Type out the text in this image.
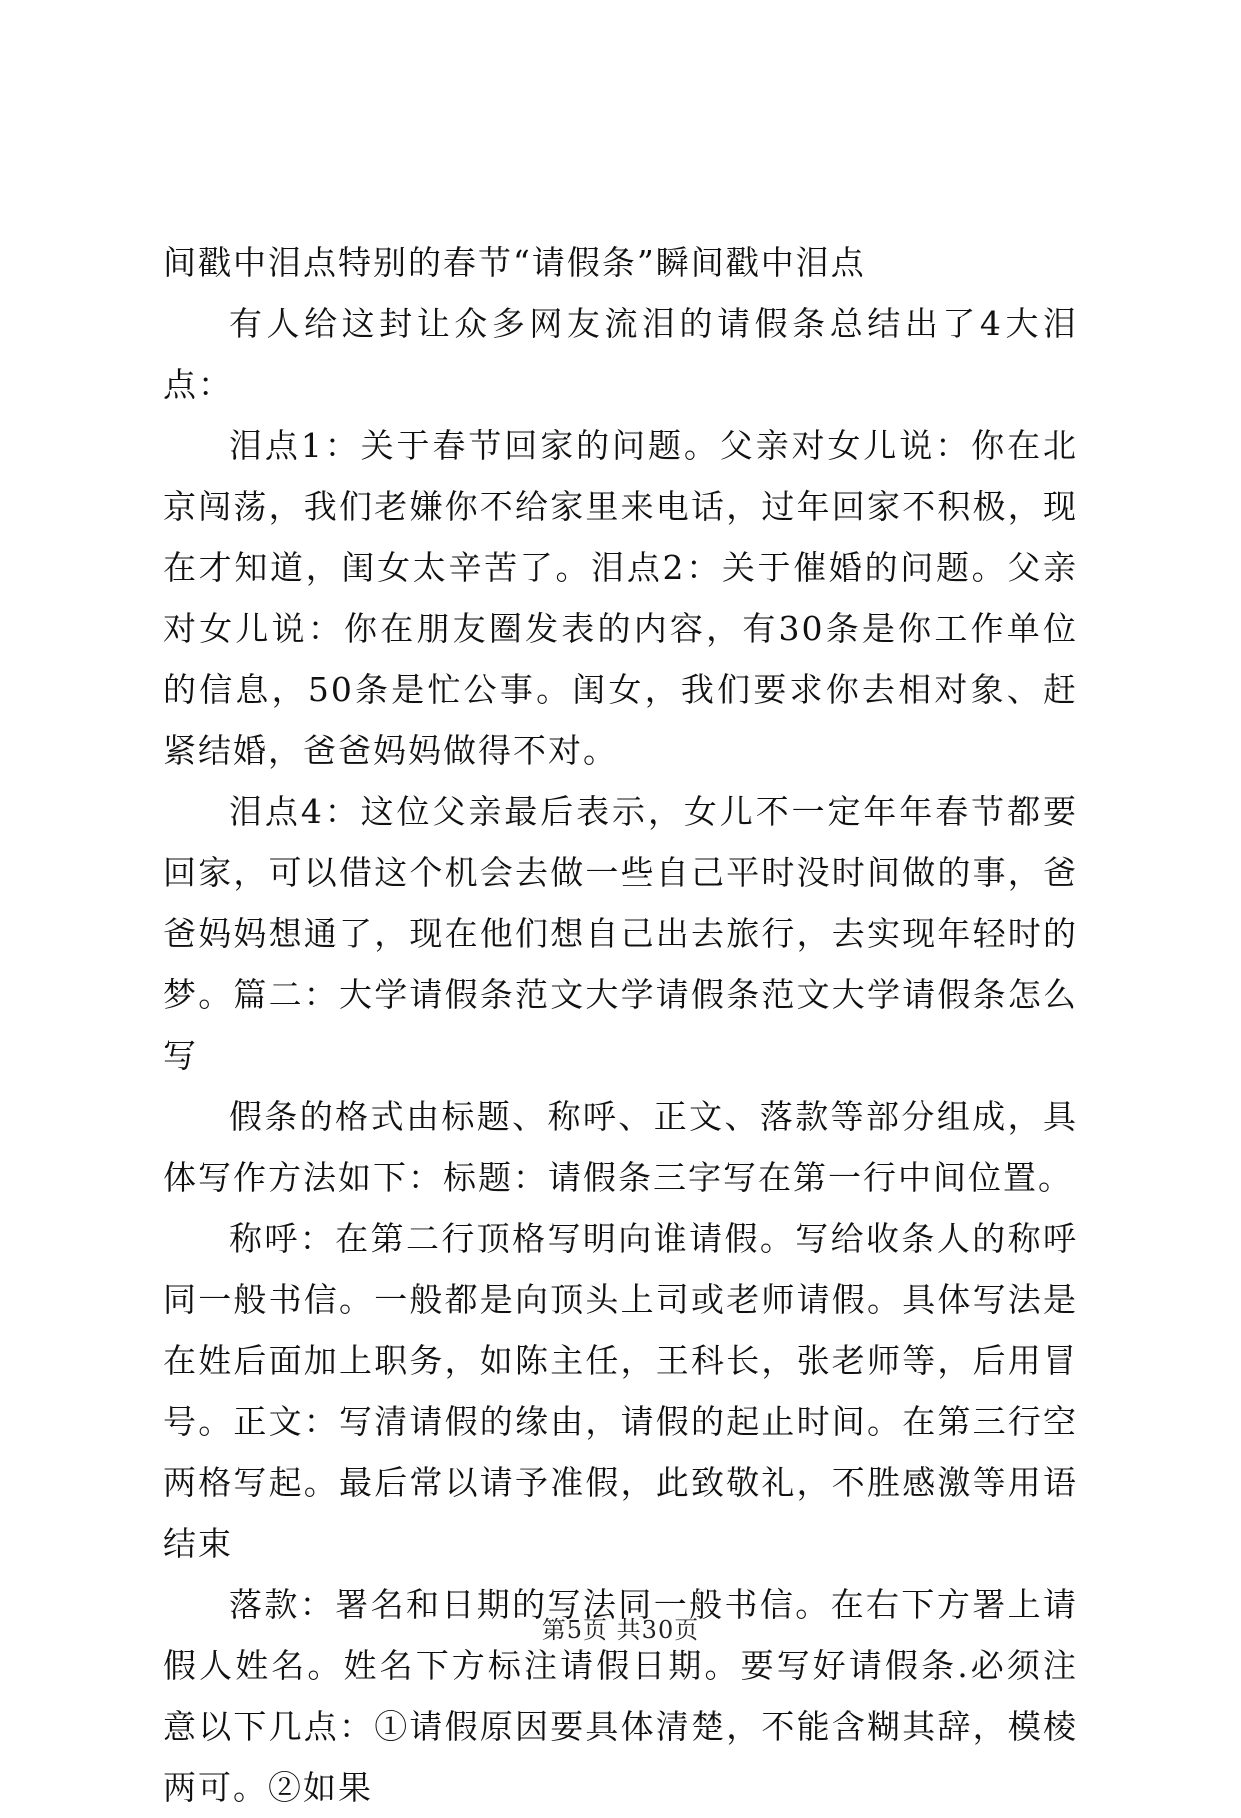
间戳中泪点特别的春节“请假条”瞬间戳中泪点

有人给这封让众多网友流泪的请假条总结出了4大泪点：

泪点1：关于春节回家的问题。父亲对女儿说：你在北京闯荡，我们老嫌你不给家里来电话，过年回家不积极，现在才知道，闺女太辛苦了。泪点2：关于催婚的问题。父亲对女儿说：你在朋友圈发表的内容，有30条是你工作单位的信息，50条是忙公事。闺女，我们要求你去相对象、赶紧结婚，爸爸妈妈做得不对。

泪点4：这位父亲最后表示，女儿不一定年年春节都要回家，可以借这个机会去做一些自己平时没时间做的事，爸爸妈妈想通了，现在他们想自己出去旅行，去实现年轻时的梦。篇二：大学请假条范文大学请假条范文大学请假条怎么写

假条的格式由标题、称呼、正文、落款等部分组成，具体写作方法如下：标题：请假条三字写在第一行中间位置。

称呼：在第二行顶格写明向谁请假。写给收条人的称呼同一般书信。一般都是向顶头上司或老师请假。具体写法是在姓后面加上职务，如陈主任，王科长，张老师等，后用冒号。正文：写清请假的缘由，请假的起止时间。在第三行空两格写起。最后常以请予准假，此致敬礼，不胜感激等用语结束

落款：署名和日期的写法同一般书信。在右下方署上请假人姓名。姓名下方标注请假日期。要写好请假条.必须注意以下几点：①请假原因要具体清楚，不能含糊其辞，模棱两可。②如果

第5页 共30页
